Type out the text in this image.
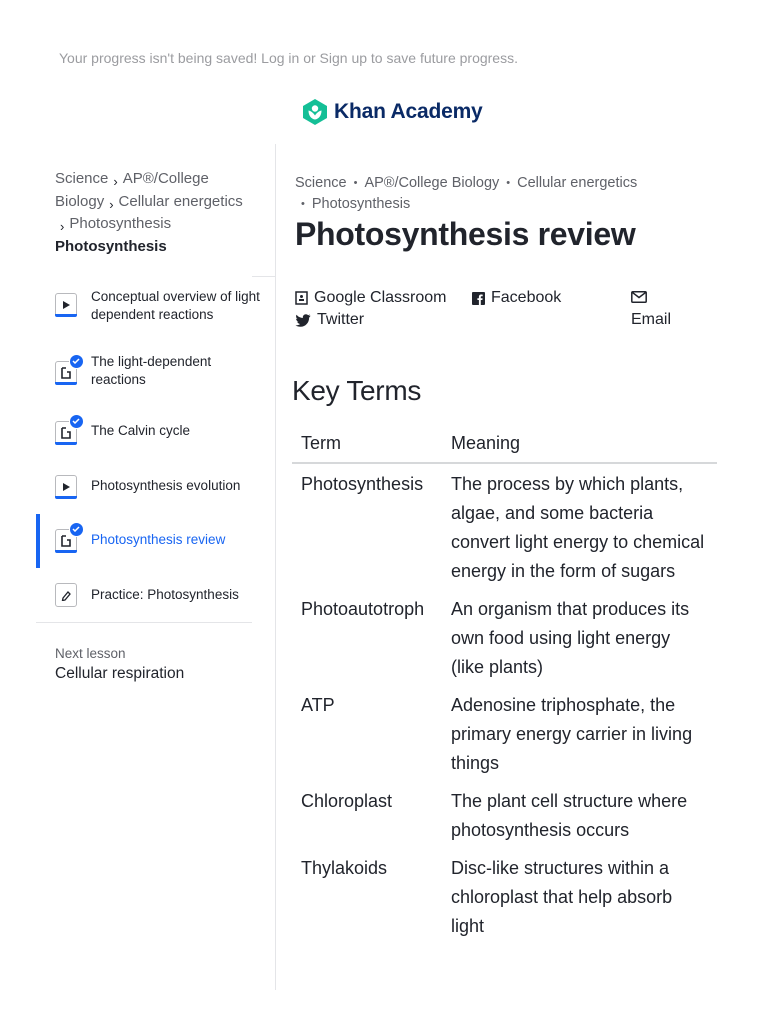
Your progress isn't being saved! Log in or Sign up to save future progress.
Khan Academy
Science › AP®/College Biology › Cellular energetics› Photosynthesis
Photosynthesis
Conceptual overview of light dependent reactions
The light-dependent reactions
The Calvin cycle
Photosynthesis evolution
Photosynthesis review
Practice: Photosynthesis
Next lesson
Cellular respiration
Science • AP®/College Biology • Cellular energetics
• Photosynthesis
Photosynthesis review
Google Classroom	Facebook
Twitter	Email
Key Terms
Term	Meaning
Photosynthesis	The process by which plants, algae, and some bacteria convert light energy to chemical energy in the form of sugars
Photoautotroph	An organism that produces its own food using light energy (like plants)
ATP	Adenosine triphosphate, the primary energy carrier in living things
Chloroplast	The plant cell structure where photosynthesis occurs
Thylakoids	Disc-like structures within a chloroplast that help absorb light
